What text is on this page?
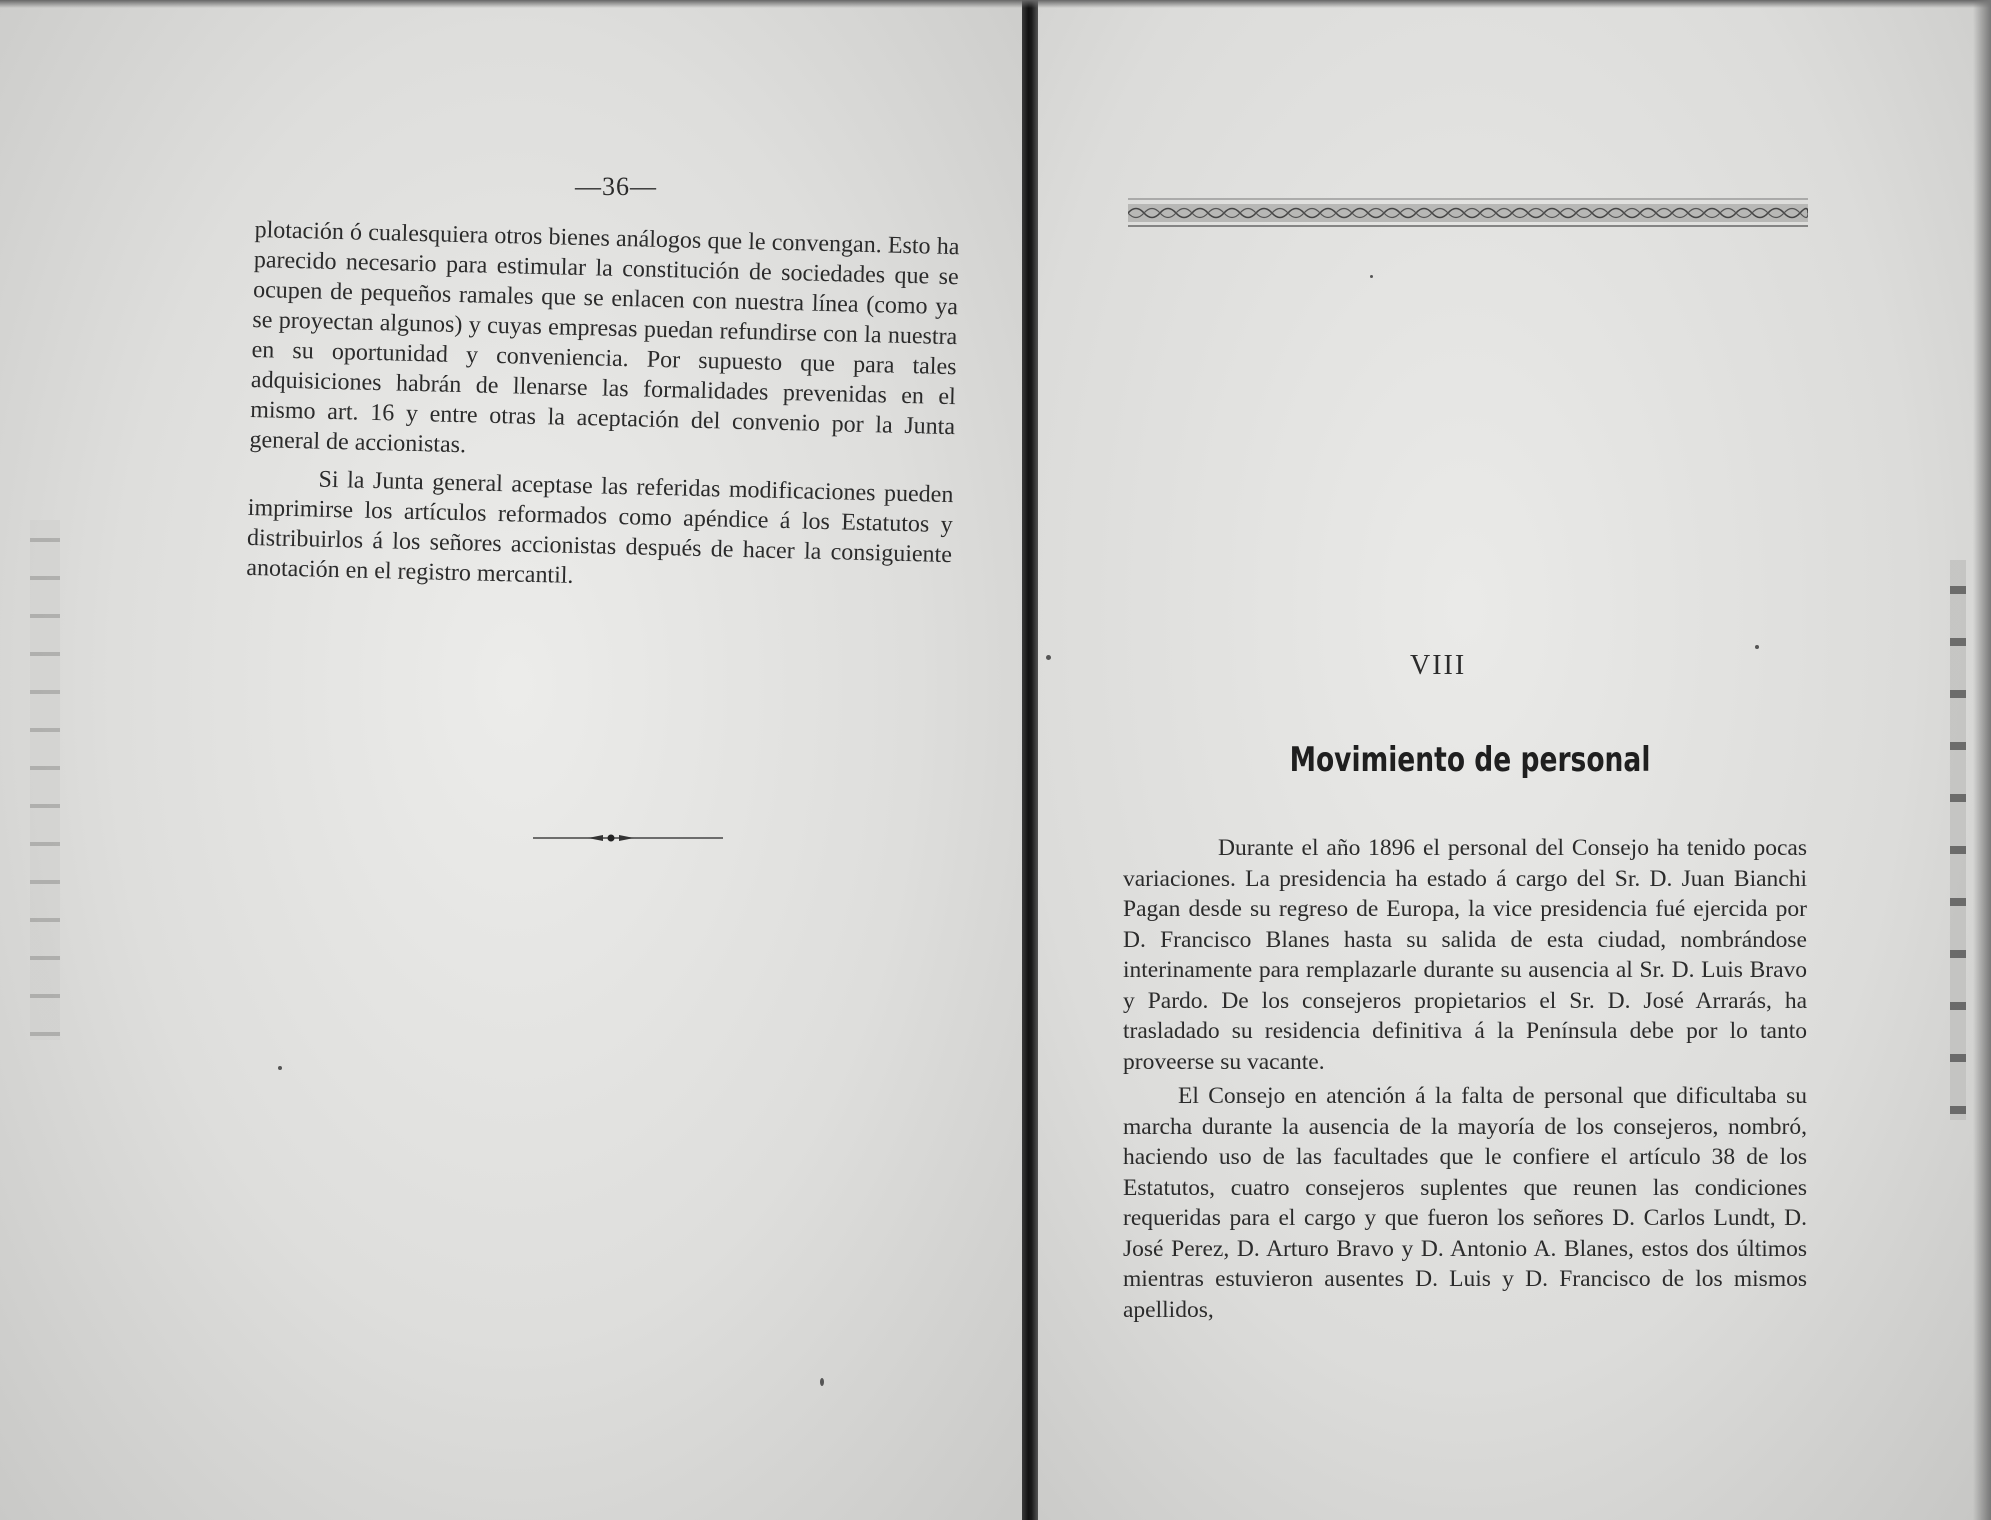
—36—

plotación ó cualesquiera otros bienes análogos que le convengan. Esto ha parecido necesario para estimular la constitución de sociedades que se ocupen de pequeños ramales que se enlacen con nuestra línea (como ya se proyectan algunos) y cuyas empresas puedan refundirse con la nuestra en su oportunidad y conveniencia. Por supuesto que para tales adquisiciones habrán de llenarse las formalidades prevenidas en el mismo art. 16 y entre otras la aceptación del convenio por la Junta general de accionistas.

Si la Junta general aceptase las referidas modificaciones pueden imprimirse los artículos reformados como apéndice á los Estatutos y distribuirlos á los señores accionistas después de hacer la consiguiente anotación en el registro mercantil.

VIII
Movimiento de personal

Durante el año 1896 el personal del Consejo ha tenido pocas variaciones. La presidencia ha estado á cargo del Sr. D. Juan Bianchi Pagan desde su regreso de Europa, la vice presidencia fué ejercida por D. Francisco Blanes hasta su salida de esta ciudad, nombrándose interinamente para remplazarle durante su ausencia al Sr. D. Luis Bravo y Pardo. De los consejeros propietarios el Sr. D. José Arrarás, ha trasladado su residencia definitiva á la Península debe por lo tanto proveerse su vacante.

El Consejo en atención á la falta de personal que dificultaba su marcha durante la ausencia de la mayoría de los consejeros, nombró, haciendo uso de las facultades que le confiere el artículo 38 de los Estatutos, cuatro consejeros suplentes que reunen las condiciones requeridas para el cargo y que fueron los señores D. Carlos Lundt, D. José Perez, D. Arturo Bravo y D. Antonio A. Blanes, estos dos últimos mientras estuvieron ausentes D. Luis y D. Francisco de los mismos apellidos,
